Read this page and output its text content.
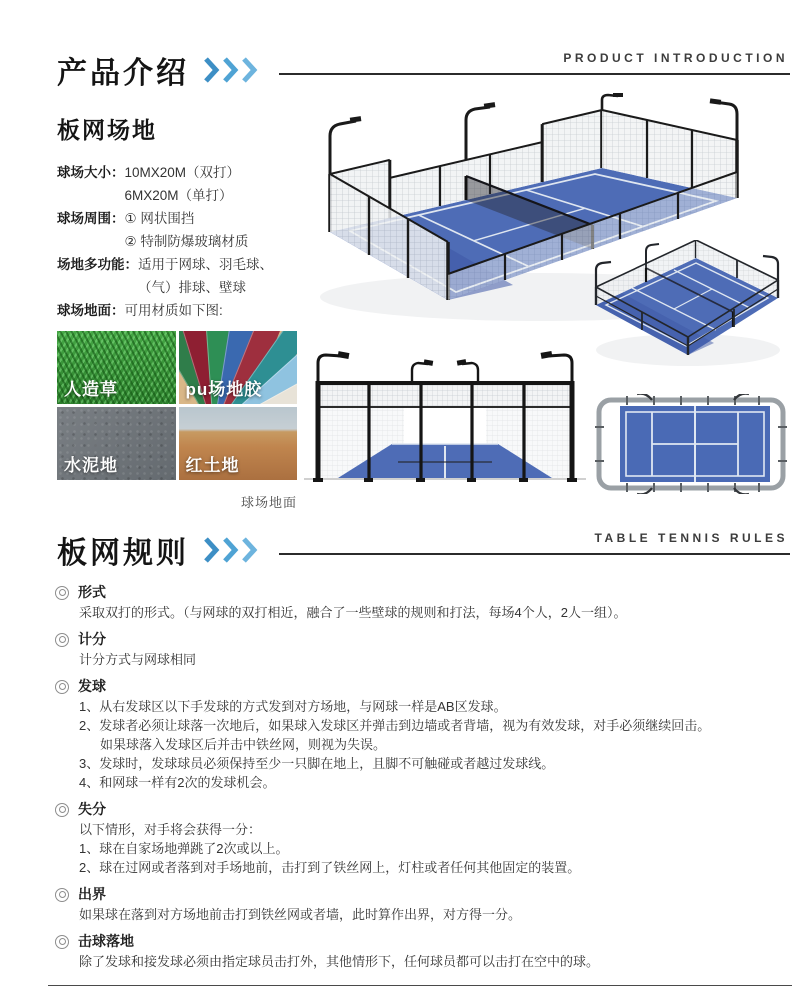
产品介绍	PRODUCT INTRODUCTION
板网场地
球场大小： 10MX20M（双打）
6MX20M（单打）
球场周围： ① 网状围挡
② 特制防爆玻璃材质
场地多功能： 适用于网球、羽毛球、
（气）排球、壁球
球场地面： 可用材质如下图:
人造草	pu场地胶
水泥地	红土地
球场地面
板网规则	TABLE TENNIS RULES
形式
采取双打的形式。（与网球的双打相近，融合了一些壁球的规则和打法，每场4个人，2人一组）。
计分
计分方式与网球相同
发球
1、从右发球区以下手发球的方式发到对方场地，与网球一样是AB区发球。
2、发球者必须让球落一次地后，如果球入发球区并弹击到边墙或者背墙，视为有效发球，对手必须继续回击。
如果球落入发球区后并击中铁丝网，则视为失误。
3、发球时，发球球员必须保持至少一只脚在地上，且脚不可触碰或者越过发球线。
4、和网球一样有2次的发球机会。
失分
以下情形，对手将会获得一分：
1、球在自家场地弹跳了2次或以上。
2、球在过网或者落到对手场地前，击打到了铁丝网上，灯柱或者任何其他固定的装置。
出界
如果球在落到对方场地前击打到铁丝网或者墙，此时算作出界，对方得一分。
击球落地
除了发球和接发球必须由指定球员击打外，其他情形下，任何球员都可以击打在空中的球。
